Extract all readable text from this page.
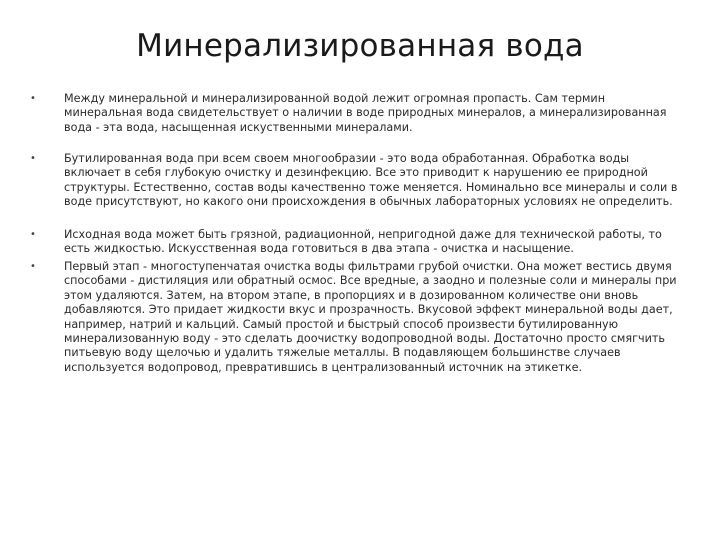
Минерализированная вода
•	Между минеральной и минерализированной водой лежит огромная пропасть. Сам термин минеральная вода свидетельствует о наличии в воде природных минералов, а минерализированная вода - эта вода, насыщенная искуственными минералами.

•	Бутилированная вода при всем своем многообразии - это вода обработанная. Обработка воды включает в себя глубокую очистку и дезинфекцию. Все это приводит к нарушению ее природной структуры. Естественно, состав воды качественно тоже меняется. Номинально все минералы и соли в воде присутствуют, но какого они происхождения в обычных лабораторных условиях не определить.

•	Исходная вода может быть грязной, радиационной, непригодной даже для технической работы, то есть жидкостью. Искусственная вода готовиться в два этапа - очистка и насыщение.

•	Первый этап - многоступенчатая очистка воды фильтрами грубой очистки. Она может вестись двумя способами - дистиляция или обратный осмос. Все вредные, а заодно и полезные соли и минералы при этом удаляются. Затем, на втором этапе, в пропорциях и в дозированном количестве они вновь добавляются. Это придает жидкости вкус и прозрачность. Вкусовой эффект минеральной воды дает, например, натрий и кальций. Самый простой и быстрый способ произвести бутилированную минерализованную воду - это сделать доочистку водопроводной воды. Достаточно просто смягчить питьевую воду щелочью и удалить тяжелые металлы. В подавляющем большинстве случаев используется водопровод, превратившись в централизованный источник на этикетке.
